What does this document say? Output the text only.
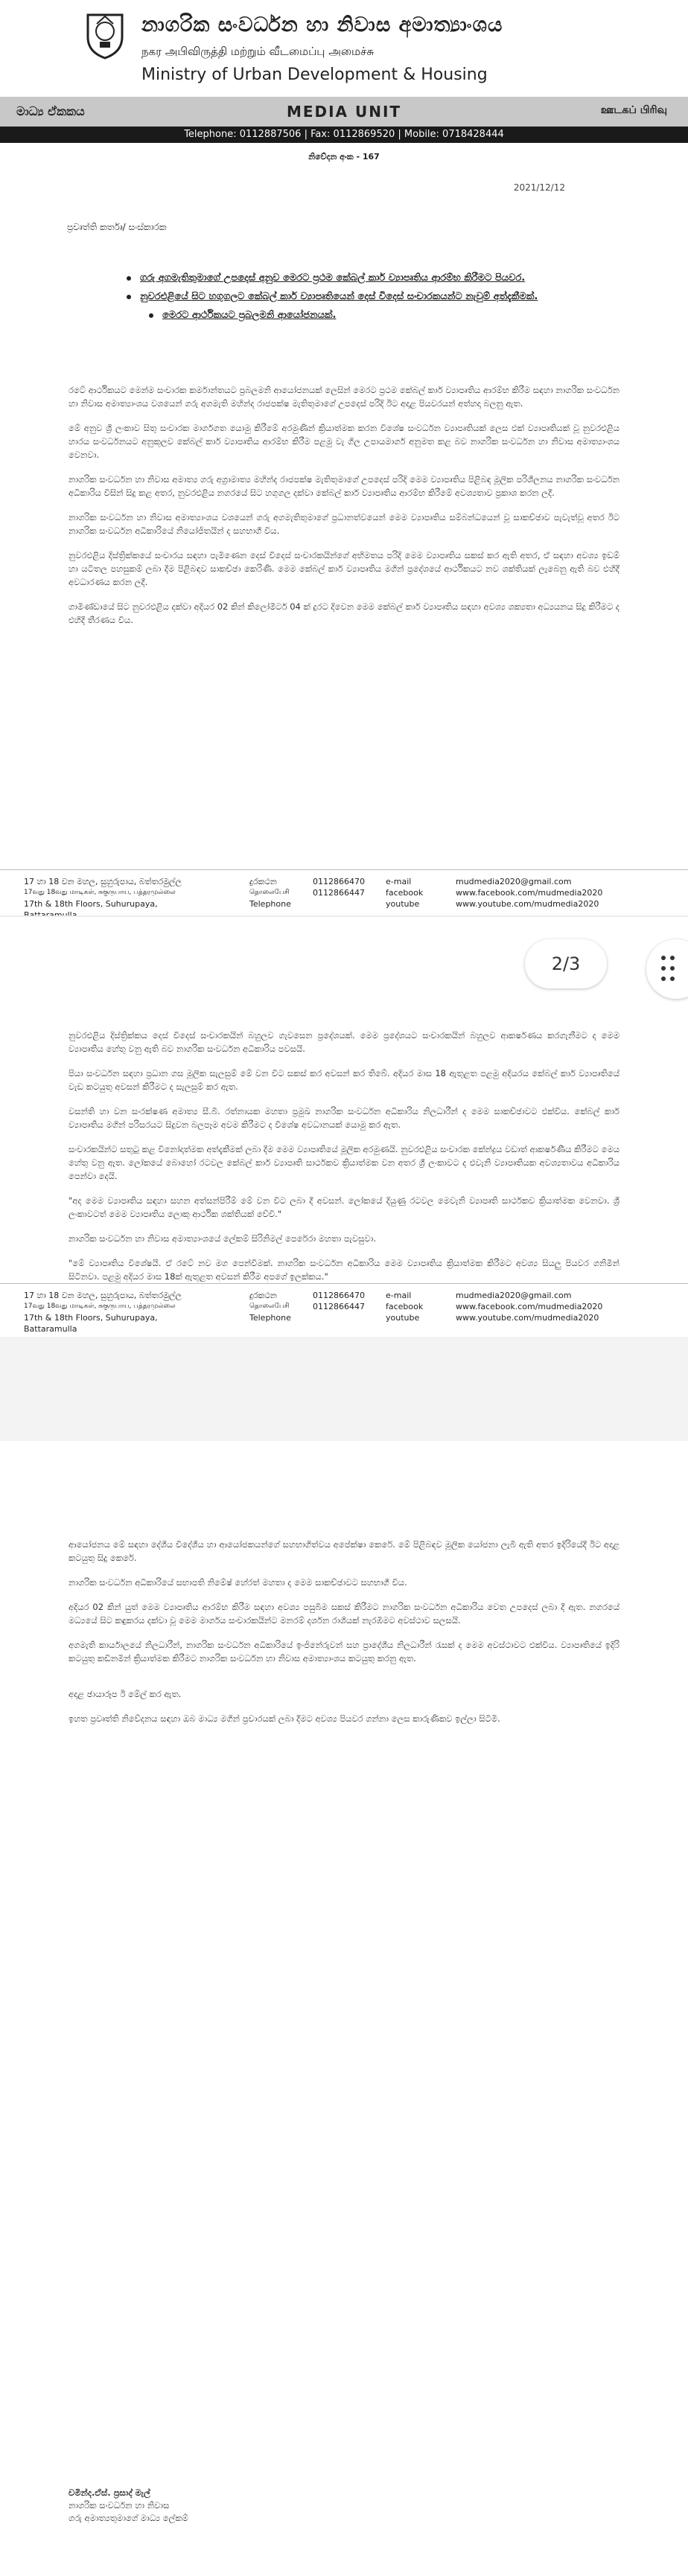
නාගරික සංවර්ධන හා නිවාස අමාත්‍යාංශය
நகர அபிவிருத்தி மற்றும் வீடமைப்பு அமைச்சு
Ministry of Urban Development & Housing
මාධ්‍ය ඒකකය	MEDIA UNIT	ஊடகப் பிரிவு
Telephone: 0112887506 | Fax: 0112869520 | Mobile: 0718428444
නිවේදන අංක - 167
2021/12/12
ප්‍රවෘත්ති කර්තෘ/ සංස්කාරක
ගරු අගමැතිතුමාගේ උපදෙස් අනුව මෙරට ප්‍රථම කේබල් කාර් ව්‍යාපෘතිය ආරම්භ කිරීමට පියවර.
නුවරඑළියේ සිට හගුගලට කේබල් කාර් ව්‍යාපෘතියෙන් දෙස් විදෙස් සංචාරකයන්ට නැවුම් අත්දැකීමක්.
මෙරට ආර්ථිකයට ප්‍රබලමනි ආයෝජනයක්.

රටේ ආර්ථිකයට මෙන්ම සංචාරක කර්මාන්තයට ප්‍රබලමනි ආයෝජනයක් ලෙසින් මෙරට ප්‍රථම කේබල් කාර් ව්‍යාපෘතිය ආරම්භ කිරීම සඳහා නාගරික සංවර්ධන හා නිවාස අමාත්‍යාංශය වශයෙන් ගරු අගමැති මහින්ද රාජපක්ෂ මැතිතුමාගේ උපදෙස් පරිදි ඊට අදාළ පියවරයන් අත්හදා බලනු ඇත.

මේ අනුව ශ්‍රී ලංකාව සිතු සංචාරක මාර්ගගත යොමු කිරීමේ අරමුණින් ක්‍රියාත්මක කරන විශේෂ සංවර්ධන ව්‍යාපෘතියක් ලෙස එක් ව්‍යාපෘතියක් වූ නුවරඑළිය හාරය සංවර්ධනයට අනුකූලව කේබල් කාර් ව්‍යාපෘතිය ආරම්භ කිරීම පළමු වැ ගිල උපායමාර්ග අනුමත කළ බව නාගරික සංවර්ධන හා නිවාස අමාත්‍යාංශය වෙනවා.

නාගරික සංවර්ධන හා නිවාස අමාත්‍ය ගරු අග්‍රාමාත්‍ය මහින්ද රාජපක්ෂ මැතිතුමාගේ උපදෙස් පරිදි මෙම ව්‍යාපෘතිය පිළිබඳ මූලික පරිශීලනය නාගරික සංවර්ධන අධිකාරිය විසින් සිදු කළ අතර, නුවරඑළිය නගරයේ සිට හගුගල දක්වා කේබල් කාර් ව්‍යාපෘතිය ආරම්භ කිරීමේ අවශ්‍යතාව ප්‍රකාශ කරන ලදී.

නාගරික සංවර්ධන හා නිවාස අමාත්‍යාංශය වශයෙන් ගරු අගමැතිතුමාගේ ප්‍රධානත්වයෙන් මෙම ව්‍යාපෘතිය සම්බන්ධයෙන් වූ සාකච්ඡාව පැවැත්වූ අතර ඊට නාගරික සංවර්ධන අධිකාරියේ නියෝජිතයින් ද සහභාගී විය.

නුවරඑළිය දිස්ත්‍රික්කයේ සංචාරය සඳහා පැමිණෙන දෙස් විදෙස් සංචාරකයින්ගේ අභිමතය පරිදි මෙම ව්‍යාපෘතිය සකස් කර ඇති අතර, ඒ සඳහා අවශ්‍ය ඉඩම් හා යටිතල පහසුකම් ලබා දීම පිළිබඳව සාකච්ඡා කෙරිණි. මෙම කේබල් කාර් ව්‍යාපෘතිය මගින් ප්‍රදේශයේ ආර්ථිකයට නව ශක්තියක් ලැබෙනු ඇති බව එහිදී අවධාරණය කරන ලදී.

ගාමිණ්ඩායේ සිට නුවරඑළිය දක්වා අදියර 02 කින් කිලෝමීටර් 04 ක් දුරට දිවෙන මෙම කේබල් කාර් ව්‍යාපෘතිය සඳහා අවශ්‍ය ශක්‍යතා අධ්‍යයනය සිදු කිරීමට ද එහිදී තීරණය විය.

17 හා 18 වන මහල, සුහුරුපාය, බත්තරමුල්ල
17வது 18வது மாடிகள், சுகுருபாய, பத்தரமுல்லை
17th & 18th Floors, Suhurupaya,
දුරකථන
தொலைபேசி
Telephone
0112866470
0112866447
e-mail
facebook
youtube
mudmedia2020@gmail.com
www.facebook.com/mudmedia2020
www.youtube.com/mudmedia2020

නුවරඑළිය දිස්ත්‍රික්කය දෙස් විදෙස් සංචාරකයින් බහුලව ගැවසෙන ප්‍රදේශයක්. මෙම ප්‍රදේශයට සංචාරකයින් බහුලව ආකර්ෂණය කරගැනීමට ද මෙම ව්‍යාපෘතිය හේතු වනු ඇති බව නාගරික සංවර්ධන අධිකාරිය පවසයි.

පියා සංවර්ධන සඳහා ප්‍රධාන ගස මූලික සැලසුම් මේ වන විට සකස් කර අවසන් කර තිබේ. අදියර මාස 18 ඇතුළත පළමු අදියරය කේබල් කාර් ව්‍යාපෘතියේ වැඩ කටයුතු අවසන් කිරීමට ද සැලසුම් කර ඇත.

වසන්ති හා වන සංරක්ෂණ අමාත්‍ය සී.බී. රත්නායක මහතා ප්‍රමුඛ නාගරික සංවර්ධන අධිකාරිය නිලධාරීන් ද මෙම සාකච්ඡාවට එක්විය. කේබල් කාර් ව්‍යාපෘතිය මගින් පරිසරයට සිදුවන බලපෑම අවම කිරීමට ද විශේෂ අවධානයක් යොමු කර ඇත.

සංචාරකයින්ට සතුටු කළ විනෝදාත්මක අත්දැකීමක් ලබා දීම මෙම ව්‍යාපෘතියේ මූලික අරමුණයි. නුවරඑළිය සංචාරක කේන්ද්‍රය වඩාත් ආකර්ෂණීය කිරීමට මෙය හේතු වනු ඇත. ලෝකයේ බොහෝ රටවල කේබල් කාර් ව්‍යාපෘති සාර්ථකව ක්‍රියාත්මක වන අතර ශ්‍රී ලංකාවට ද එවැනි ව්‍යාපෘතියක අවශ්‍යතාවය අධිකාරිය පෙන්වා දෙයි.

"අද මෙම ව්‍යාපෘතිය සඳහා සහන අත්සන්පිරීම් මේ වන විට ලබා දී අවසන්. ලෝකයේ දියුණු රටවල මෙවැනි ව්‍යාපෘති සාර්ථකව ක්‍රියාත්මක වෙනවා. ශ්‍රී ලංකාවටත් මෙම ව්‍යාපෘතිය ලොකු ආර්ථික ශක්තියක් වේවි."

නාගරික සංවර්ධන හා නිවාස අමාත්‍යාංශයේ ලේකම් සිරිනිමල් පෙරේරා මහතා පැවසුවා.

"මේ ව්‍යාපෘතිය විශේෂයි. ඒ රටේ නව මග පෙන්වීමක්. නාගරික සංවර්ධන අධිකාරිය මෙම ව්‍යාපෘතිය ක්‍රියාත්මක කිරීමට අවශ්‍ය සියලු පියවර ගනිමින් සිටිනවා. පළමු අදියර මාස 18ක් ඇතුළත අවසන් කිරීම අපගේ ඉලක්කය."

17 හා 18 වන මහල, සුහුරුපාය, බත්තරමුල්ල
17வது 18வது மாடிகள், சுகுருபாய, பத்தரமுல்லை
17th & 18th Floors, Suhurupaya, Battaramulla
දුරකථන
தொலைபேசி
Telephone
0112866470
0112866447
e-mail
facebook
youtube
mudmedia2020@gmail.com
www.facebook.com/mudmedia2020
www.youtube.com/mudmedia2020

ආයෝජනය මේ සඳහා දේශීය විදේශීය හා ආයෝජකයන්ගේ සහභාගිත්වය අපේක්ෂා කෙරේ. මේ පිළිබඳව මූලික යෝජනා ලැබී ඇති අතර ඉදිරියේදී ඊට අදාළ කටයුතු සිදු කෙරේ.

නාගරික සංවර්ධන අධිකාරියේ සභාපති නිමේෂ් හේරත් මහතා ද මෙම සාකච්ඡාවට සහභාගී විය.

අදියර 02 කින් යුත් මෙම ව්‍යාපෘතිය ආරම්භ කිරීම සඳහා අවශ්‍ය පසුබිම සකස් කිරීමට නාගරික සංවර්ධන අධිකාරිය වෙත උපදෙස් ලබා දී ඇත. නගරයේ මධ්‍යයේ සිට කඳුකරය දක්වා වූ මෙම මාර්ගය සංචාරකයින්ට මනරම් දර්ශන රාශියක් නැරඹීමට අවස්ථාව සලසයි.

අගමැති කාර්යාලයේ නිලධාරීන්, නාගරික සංවර්ධන අධිකාරියේ ඉංජිනේරුවන් සහ ප්‍රාදේශීය නිලධාරීන් රැසක් ද මෙම අවස්ථාවට එක්විය. ව්‍යාපෘතියේ ඉදිරි කටයුතු කඩිනමින් ක්‍රියාත්මක කිරීමට නාගරික සංවර්ධන හා නිවාස අමාත්‍යාංශය කටයුතු කරනු ඇත.

අදාළ ඡායාරූප ඊ මේල් කර ඇත.

ඉහත ප්‍රවෘත්ති නිවේදනය සඳහා ඔබ මාධ්‍ය මගින් ප්‍රචාරයක් ලබා දීමට අවශ්‍ය පියවර ගන්නා ලෙස කාරුණිකව ඉල්ලා සිටිමි.

චමින්ද.ඒස්. ප්‍රසාද් මැල්
නාගරික සංවර්ධන හා නිවාස
ගරු අමාත්‍යතුමාගේ මාධ්‍ය ලේකම්
2/3
